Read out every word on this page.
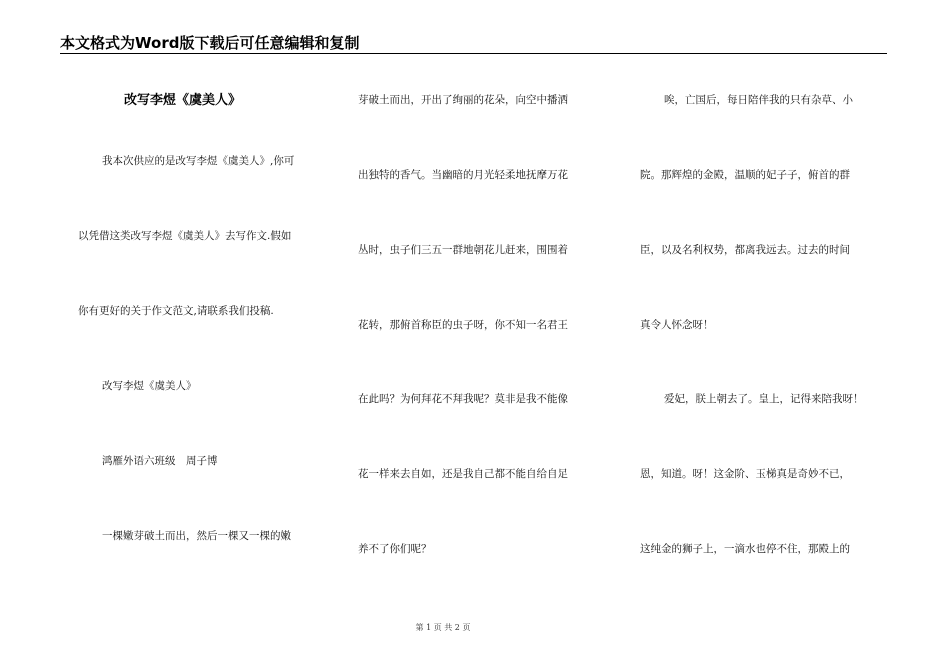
本文格式为Word版下载后可任意编辑和复制
改写李煜《虞美人》
我本次供应的是改写李煜《虞美人》,你可
以凭借这类改写李煜《虞美人》去写作文.假如
你有更好的关于作文范文,请联系我们投稿.
改写李煜《虞美人》
鸿雁外语六班级　周子博
一棵嫩芽破土而出，然后一棵又一棵的嫩
芽破土而出，开出了绚丽的花朵，向空中播洒
出独特的香气。当幽暗的月光轻柔地抚摩万花
丛时，虫子们三五一群地朝花儿赶来，围围着
花转，那俯首称臣的虫子呀，你不知一名君王
在此吗？为何拜花不拜我呢？莫非是我不能像
花一样来去自如，还是我自己都不能自给自足
养不了你们呢？
唉，亡国后，每日陪伴我的只有杂草、小
院。那辉煌的金殿，温顺的妃子子，俯首的群
臣，以及名利权势，都离我远去。过去的时间
真令人怀念呀！
爱妃，朕上朝去了。皇上，记得来陪我呀！
恩，知道。呀！这金阶、玉梯真是奇妙不已，
这纯金的狮子上，一滴水也停不住，那殿上的
第 1 页 共 2 页
